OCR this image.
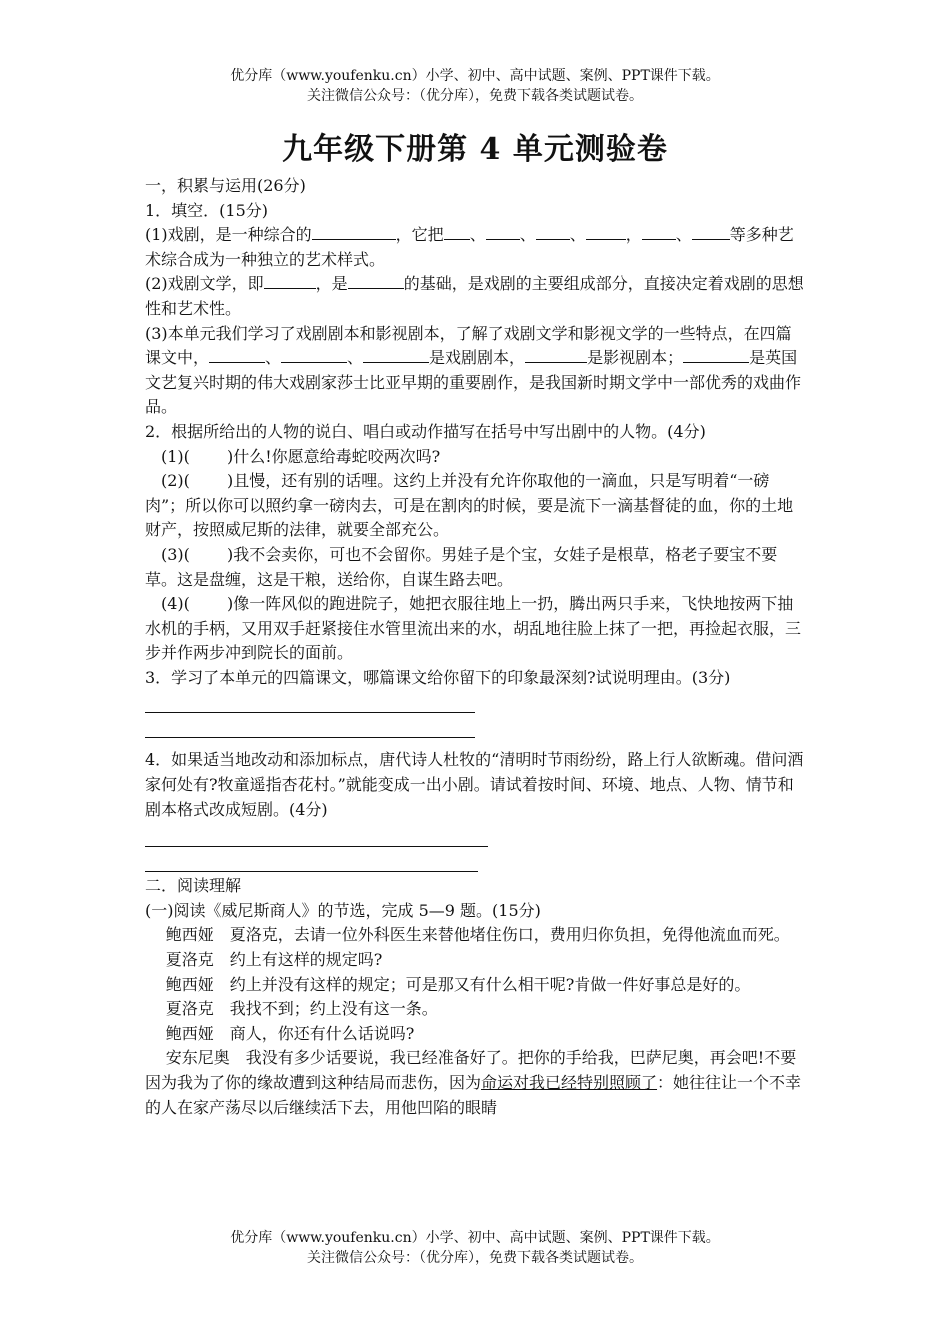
优分库（www.youfenku.cn）小学、初中、高中试题、案例、PPT课件下载。
关注微信公众号：（优分库），免费下载各类试题试卷。
九年级下册第 4 单元测验卷

一，积累与运用(26分)

1．填空．(15分)

(1)戏剧，是一种综合的	，它把 、 、 、	， 、 等多种艺术综合成为一种独立的艺术样式。

(2)戏剧文学，即	，是	的基础，是戏剧的主要组成部分，直接决定着戏剧的思想性和艺术性。

(3)本单元我们学习了戏剧剧本和影视剧本，了解了戏剧文学和影视文学的一些特点，在四篇课文中，	、	、	是戏剧剧本，	是影视剧本；	是英国文艺复兴时期的伟大戏剧家莎士比亚早期的重要剧作，是我国新时期文学中一部优秀的戏曲作品。

2．根据所给出的人物的说白、唱白或动作描写在括号中写出剧中的人物。(4分)

(1)(　　 )什么!你愿意给毒蛇咬两次吗?

(2)(　　 )且慢，还有别的话哩。这约上并没有允许你取他的一滴血，只是写明着“一磅肉”；所以你可以照约拿一磅肉去，可是在割肉的时候，要是流下一滴基督徒的血，你的土地财产，按照威尼斯的法律，就要全部充公。

(3)(　　 )我不会卖你，可也不会留你。男娃子是个宝，女娃子是根草，格老子要宝不要草。这是盘缠，这是干粮，送给你，自谋生路去吧。

(4)(　　 )像一阵风似的跑进院子，她把衣服往地上一扔，腾出两只手来，飞快地按两下抽水机的手柄，又用双手赶紧接住水管里流出来的水，胡乱地往脸上抹了一把，再捡起衣服，三步并作两步冲到院长的面前。

3．学习了本单元的四篇课文，哪篇课文给你留下的印象最深刻?试说明理由。(3分)

4．如果适当地改动和添加标点，唐代诗人杜牧的“清明时节雨纷纷，路上行人欲断魂。借问酒家何处有?牧童遥指杏花村。”就能变成一出小剧。请试着按时间、环境、地点、人物、情节和剧本格式改成短剧。(4分)

二．阅读理解

(一)阅读《威尼斯商人》的节选，完成 5—9 题。(15分)

鲍西娅　夏洛克，去请一位外科医生来替他堵住伤口，费用归你负担，免得他流血而死。

夏洛克　约上有这样的规定吗?

鲍西娅　约上并没有这样的规定；可是那又有什么相干呢?肯做一件好事总是好的。

夏洛克　我找不到；约上没有这一条。

鲍西娅　商人，你还有什么话说吗?

安东尼奥　我没有多少话要说，我已经准备好了。把你的手给我，巴萨尼奥，再会吧!不要因为我为了你的缘故遭到这种结局而悲伤，因为命运对我已经特别照顾了：她往往让一个不幸的人在家产荡尽以后继续活下去，用他凹陷的眼睛

优分库（www.youfenku.cn）小学、初中、高中试题、案例、PPT课件下载。
关注微信公众号：（优分库），免费下载各类试题试卷。
